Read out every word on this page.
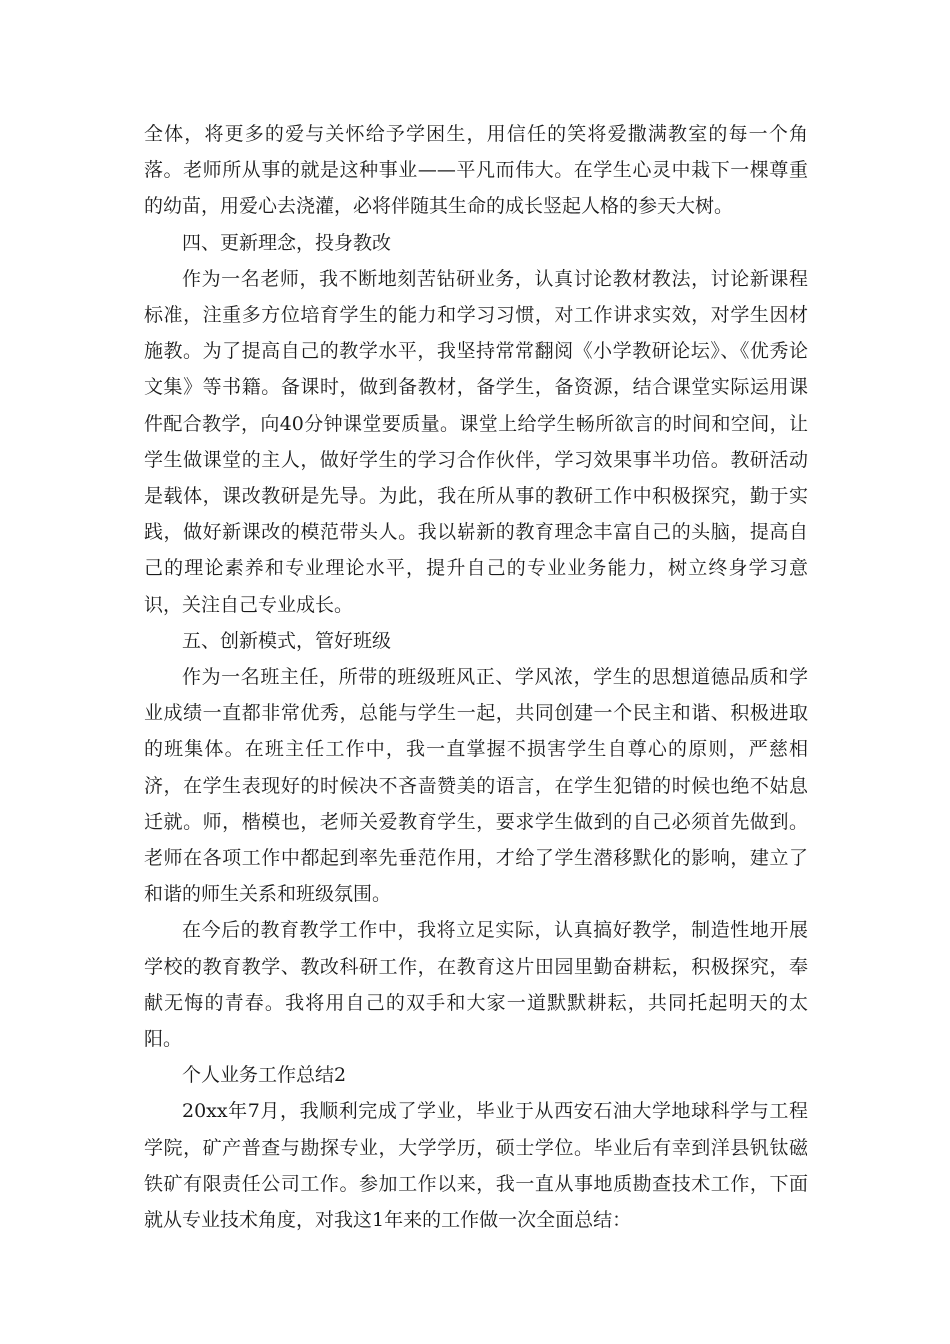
全体，将更多的爱与关怀给予学困生，用信任的笑将爱撒满教室的每一个角落。老师所从事的就是这种事业——平凡而伟大。在学生心灵中栽下一棵尊重的幼苗，用爱心去浇灌，必将伴随其生命的成长竖起人格的参天大树。

四、更新理念，投身教改

作为一名老师，我不断地刻苦钻研业务，认真讨论教材教法，讨论新课程标准，注重多方位培育学生的能力和学习习惯，对工作讲求实效，对学生因材施教。为了提高自己的教学水平，我坚持常常翻阅《小学教研论坛》、《优秀论文集》等书籍。备课时，做到备教材，备学生，备资源，结合课堂实际运用课件配合教学，向40分钟课堂要质量。课堂上给学生畅所欲言的时间和空间，让学生做课堂的主人，做好学生的学习合作伙伴，学习效果事半功倍。教研活动是载体，课改教研是先导。为此，我在所从事的教研工作中积极探究，勤于实践，做好新课改的模范带头人。我以崭新的教育理念丰富自己的头脑，提高自己的理论素养和专业理论水平，提升自己的专业业务能力，树立终身学习意识，关注自己专业成长。

五、创新模式，管好班级

作为一名班主任，所带的班级班风正、学风浓，学生的思想道德品质和学业成绩一直都非常优秀，总能与学生一起，共同创建一个民主和谐、积极进取的班集体。在班主任工作中，我一直掌握不损害学生自尊心的原则，严慈相济，在学生表现好的时候决不吝啬赞美的语言，在学生犯错的时候也绝不姑息迁就。师，楷模也，老师关爱教育学生，要求学生做到的自己必须首先做到。老师在各项工作中都起到率先垂范作用，才给了学生潜移默化的影响，建立了和谐的师生关系和班级氛围。

在今后的教育教学工作中，我将立足实际，认真搞好教学，制造性地开展学校的教育教学、教改科研工作，在教育这片田园里勤奋耕耘，积极探究，奉献无悔的青春。我将用自己的双手和大家一道默默耕耘，共同托起明天的太阳。

个人业务工作总结2

20xx年7月，我顺利完成了学业，毕业于从西安石油大学地球科学与工程学院，矿产普查与勘探专业，大学学历，硕士学位。毕业后有幸到洋县钒钛磁铁矿有限责任公司工作。参加工作以来，我一直从事地质勘查技术工作，下面就从专业技术角度，对我这1年来的工作做一次全面总结：
